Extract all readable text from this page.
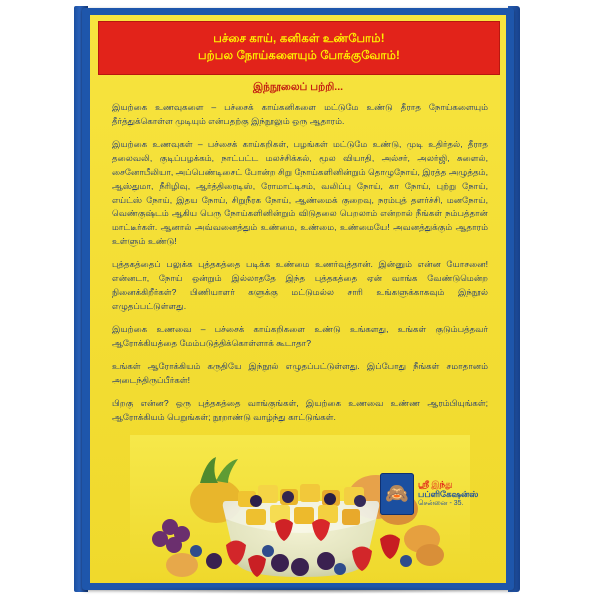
பச்சை காய், கனிகள் உண்போம்!
பற்பல நோய்களையும் போக்குவோம்!
இந்நூலைப் பற்றி...

இயற்கை உணவுகளை – பச்சைக் காய்கனிகளை மட்டுமே உண்டு தீராத நோய்களையும் தீர்த்துக்கொள்ள முடியும் என்பதற்கு இந்நூலும் ஒரு ஆதாரம்.

இயற்கை உணவுகள் – பச்சைக் காய்கறிகள், பழங்கள் மட்டுமே உண்டு, முடி உதிர்தல், தீராத தலைவலி, குடிப்பழக்கம், நாட்பட்ட மலச்சிக்கல், மூல வியாதி, அல்சர், அலர்ஜி, சுளைல், சைனோபீலியா, அப்பெண்டிசைட் போன்ற சிறு நோய்களினின்றும் தொழுநோய், இரத்த அழுத்தம், ஆஸ்துமா, நீரிழிவு, ஆர்த்திரைடிஸ், ரோமாட்டிசம், வலிப்பு நோய், கா நோய், புற்று நோய், எய்ட்ஸ் நோய், இதய நோய், சிறுநீரக நோய், ஆண்மைக் குறைவு, நரம்புத் தளர்ச்சி, மனநோய், வெண்குஷ்டம் ஆகிய பெரு நோய்களினின்றும் விடுதலை பெறலாம் என்றால் நீங்கள் நம்பத்தான் மாட்டீர்கள். ஆனால் அவ்வனைத்தும் உண்மை, உண்மை, உண்மையே! அவனத்துக்கும் ஆதாரம் உள்ளும் உண்டு!

புத்தகத்தைப் பலுக்க புத்தகத்தை படிக்க உண்மை உணர்வுத்தான். இன்னும் என்ன யோசனை! என்னடா, நோய் ஒன்றும் இல்லாததே இந்த புத்தகத்தை ஏன் வாங்க வேண்டுமென்ற நினைக்கிறீர்கள்? பிணியாளர் களுக்கு மட்டுமல்ல சாரி உங்களுக்காகவும் இந்நூல் எழுதப்பட்டுள்ளது.

இயற்கை உணவை – பச்சைக் காய்கறிகளை உண்டு உங்களது, உங்கள் குடும்பத்தவர் ஆரோக்கியத்தை மேம்படுத்திக்கொள்ளாக் கூடாதா?

உங்கள் ஆரோக்கியம் கருதியே இந்நூல் எழுதப்பட்டுள்ளது. இப்போது நீங்கள் சமாதானம் அடைந்திருப்பீர்கள்!

பிறகு என்ன? ஒரு புத்தகத்தை வாங்குங்கள், இயற்கை உணவை உண்ண ஆரம்பியுங்கள்; ஆரோக்கியம் பெறுங்கள்; நூறாண்டு வாழ்ந்து காட்டுங்கள்.

🙈 ஸ்ரீ இந்து
பப்ளிகேஷன்ஸ்
சென்னை - 35.
